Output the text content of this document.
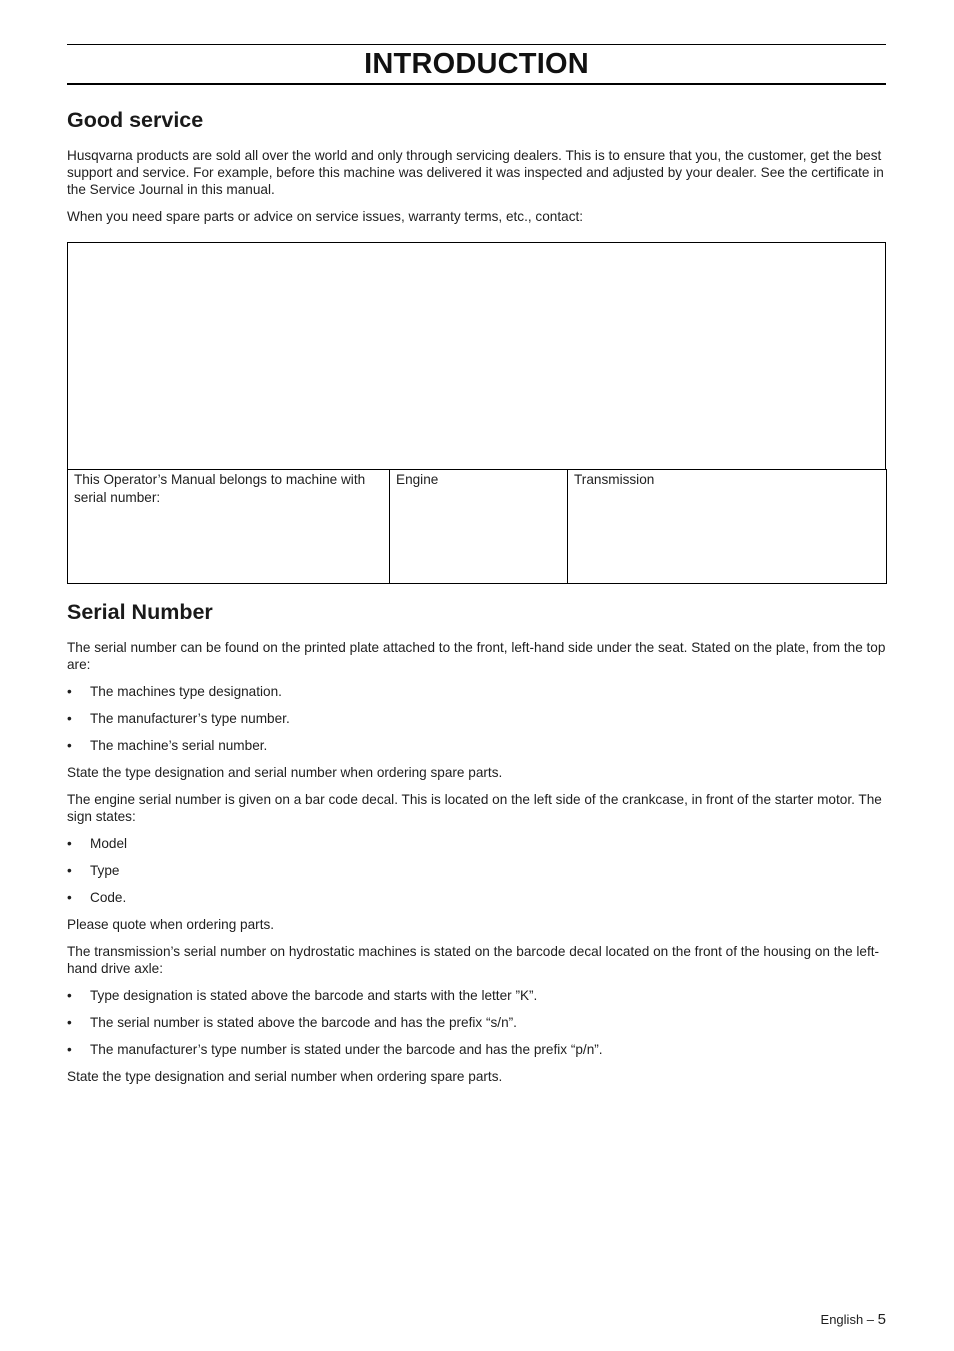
INTRODUCTION
Good service

Husqvarna products are sold all over the world and only through servicing dealers. This is to ensure that you, the customer, get the best support and service. For example, before this machine was delivered it was inspected and adjusted by your dealer. See the certificate in the Service Journal in this manual.

When you need spare parts or advice on service issues, warranty terms, etc., contact:

This Operator’s Manual belongs to machine with serial number:	Engine	Transmission
Serial Number

The serial number can be found on the printed plate attached to the front, left-hand side under the seat. Stated on the plate, from the top are:

• The machines type designation.
• The manufacturer’s type number.
• The machine’s serial number.

State the type designation and serial number when ordering spare parts.

The engine serial number is given on a bar code decal. This is located on the left side of the crankcase, in front of the starter motor. The sign states:

• Model
• Type
• Code.

Please quote when ordering parts.

The transmission’s serial number on hydrostatic machines is stated on the barcode decal located on the front of the housing on the left-hand drive axle:

• Type designation is stated above the barcode and starts with the letter ”K”.
• The serial number is stated above the barcode and has the prefix “s/n”.
• The manufacturer’s type number is stated under the barcode and has the prefix “p/n”.

State the type designation and serial number when ordering spare parts.

English – 5
